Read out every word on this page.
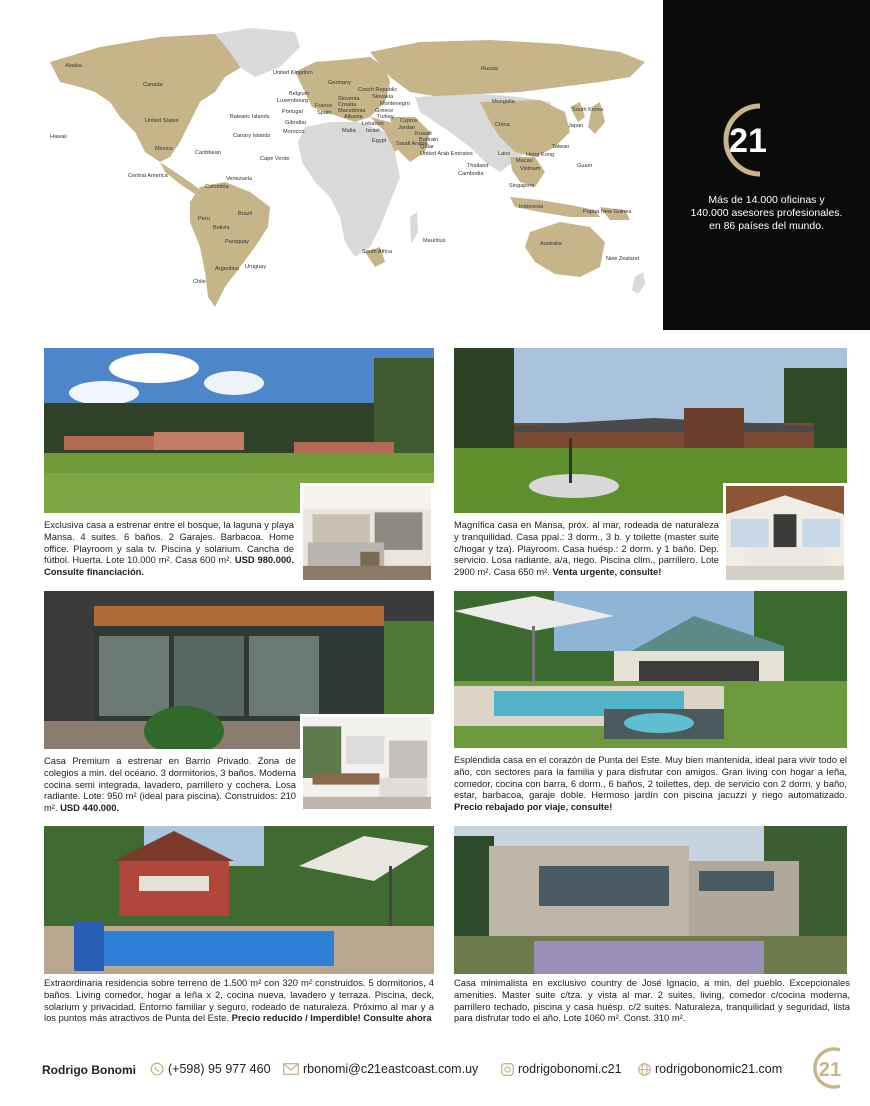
Alaska
Canada
United States
Hawaii
Mexico
Central America
Caribbean
Venezuela
Colombia
Peru
Bolivia
Brazil
Paraguay
Argentina Uruguay
Chile
United Kingdom
Belgium
Luxembourg
Germany
Czech Republic
Slovakia
Slovenia
Croatia
France
Spain
Montenegro
Macedonia
Albania
Greece
Turkey
Balearic Islands
Portugal
Gibraltar
Morocco
Canary Islands
Cape Verde
Malta
Lebanon
Israel
Cyprus
Jordan
Egypt
Kuwait
Bahrain
Qatar
Saudi Arabia
United Arab Emirates
Russia
Mongolia
China
South Korea
Japan
Taiwan
Hong Kong
Macau
Vietnam
Laos
Thailand
Cambodia
Guam
Singapore
Indonesia
Papua New Guinea
Mauritius
South Africa
Australia
New Zealand
21
Más de 14.000 oficinas y
140.000 asesores profesionales.
en 86 países del mundo.

Exclusiva casa a estrenar entre el bosque, la laguna y playa Mansa. 4 suites. 6 baños. 2 Garajes. Barbacoa. Home office. Playroom y sala tv. Piscina y solarium. Cancha de fútbol. Huerta. Lote 10.000 m². Casa 600 m². USD 980.000. Consulte financiación.

Magnífica casa en Mansa, próx. al mar, rodeada de naturaleza y tranquilidad. Casa ppal.: 3 dorm., 3 b. y toilette (master suite c/hogar y tza). Playroom. Casa huésp.: 2 dorm. y 1 baño. Dep. servicio. Losa radiante, a/a, riego. Piscina clim., parrillero. Lote 2900 m². Casa 650 m². Venta urgente, consulte!

Casa Premium a estrenar en Barrio Privado. Zona de colegios a min. del océano. 3 dormitorios, 3 baños. Moderna cocina semi integrada, lavadero, parrillero y cochera. Losa radiante. Lote: 950 m² (ideal para piscina). Construidos: 210 m². USD 440.000.

Espléndida casa en el corazón de Punta del Este. Muy bien mantenida, ideal para vivir todo el año, con sectores para la familia y para disfrutar con amigos. Gran living con hogar a leña, comedor, cocina con barra, 6 dorm., 6 baños, 2 toilettes, dep. de servicio con 2 dorm. y baño, estar, barbacoa, garaje doble. Hermoso jardín con piscina jacuzzi y riego automatizado. Precio rebajado por viaje, consulte!

Extraordinaria residencia sobre terreno de 1.500 m² con 320 m² construidos. 5 dormitorios, 4 baños. Living comedor, hogar a leña x 2, cocina nueva, lavadero y terraza. Piscina, deck, solarium y privacidad. Entorno familiar y seguro, rodeado de naturaleza. Próximo al mar y a los puntos más atractivos de Punta del Este. Precio reducido / Imperdible! Consulte ahora

Casa minimalista en exclusivo country de José Ignacio, a min. del pueblo. Excepcionales amenities. Master suite c/tza. y vista al mar. 2 suites, living, comedor c/cocina moderna, parrillero techado, piscina y casa huésp. c/2 suites. Naturaleza, tranquilidad y seguridad, lista para disfrutar todo el año. Lote 1060 m². Const. 310 m².

Rodrigo Bonomi	(+598) 95 977 460	rbonomi@c21eastcoast.com.uy	rodrigobonomi.c21	rodrigobonomic21.com 21
